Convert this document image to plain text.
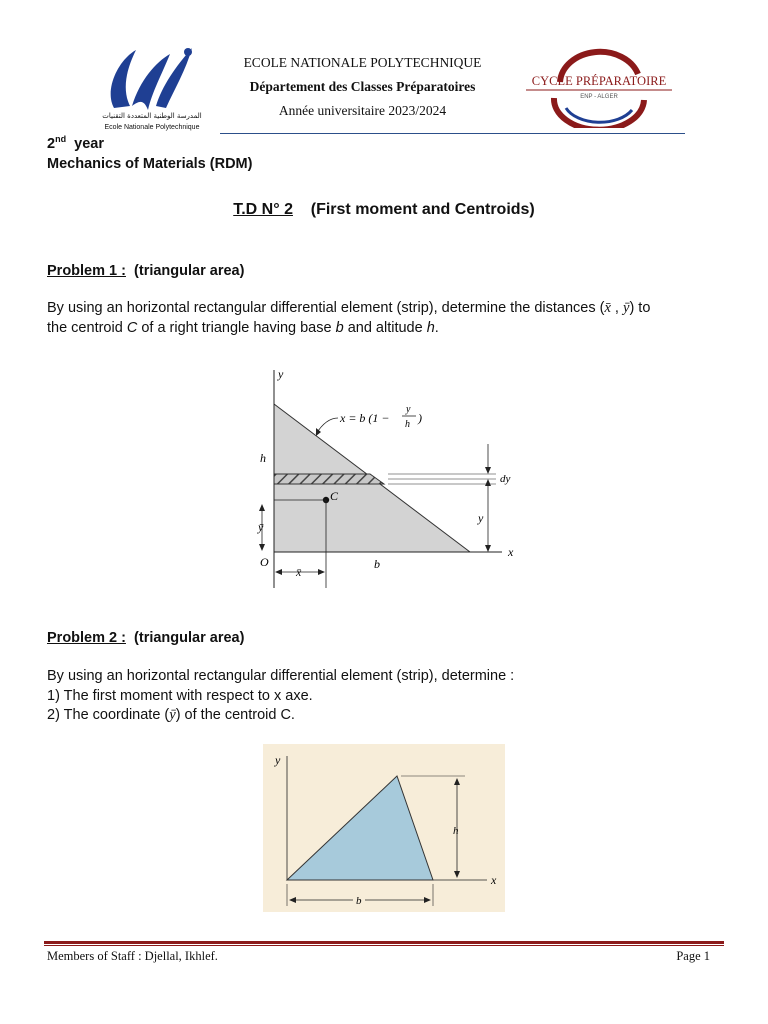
المدرسة الوطنية المتعددة التقنيات
Ecole Nationale Polytechnique
ECOLE NATIONALE POLYTECHNIQUE
Département des Classes Préparatoires
Année universitaire 2023/2024
CYCLE PRÉPARATOIRE
ENP - ALGER
2nd year
Mechanics of Materials (RDM)
T.D N° 2 (First moment and Centroids)
Problem 1 : (triangular area)
By using an horizontal rectangular differential element (strip), determine the distances (x̄ , ȳ) to
the centroid C of a right triangle having base b and altitude h.
y
x
O
h
b
C
ȳ
x̄
y
dy
x = b (1 −
y
h )
Problem 2 : (triangular area)
By using an horizontal rectangular differential element (strip), determine :
1) The first moment with respect to x axe.
2) The coordinate (ȳ) of the centroid C.
y
x
h
b
Members of Staff : Djellal, Ikhlef.	Page 1
